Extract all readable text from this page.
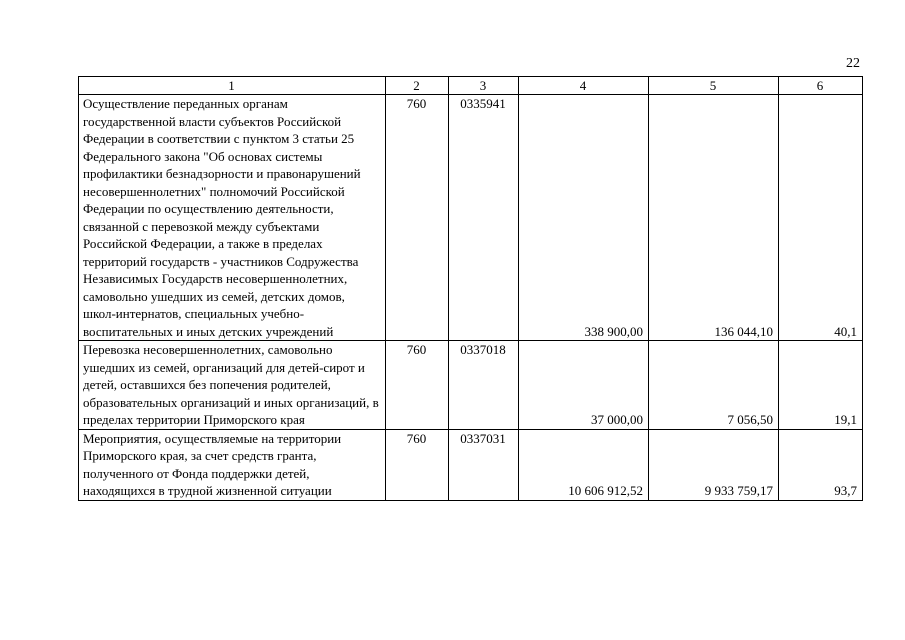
22
1	2	3	4	5	6
Осуществление переданных органам государственной власти субъектов Российской Федерации в соответствии с пунктом 3 статьи 25 Федерального закона "Об основах системы профилактики безнадзорности и правонарушений несовершеннолетних" полномочий Российской Федерации по осуществлению деятельности, связанной с перевозкой между субъектами Российской Федерации, а также в пределах территорий государств - участников Содружества Независимых Государств несовершеннолетних, самовольно ушедших из семей, детских домов, школ-интернатов, специальных учебно-воспитательных и иных детских учреждений	760	0335941	338 900,00	136 044,10	40,1
Перевозка несовершеннолетних, самовольно ушедших из семей, организаций для детей-сирот и детей, оставшихся без попечения родителей, образовательных организаций и иных организаций, в пределах территории Приморского края	760	0337018	37 000,00	7 056,50	19,1
Мероприятия, осуществляемые на территории Приморского края, за счет средств гранта, полученного от Фонда поддержки детей, находящихся в трудной жизненной ситуации	760	0337031	10 606 912,52	9 933 759,17	93,7
